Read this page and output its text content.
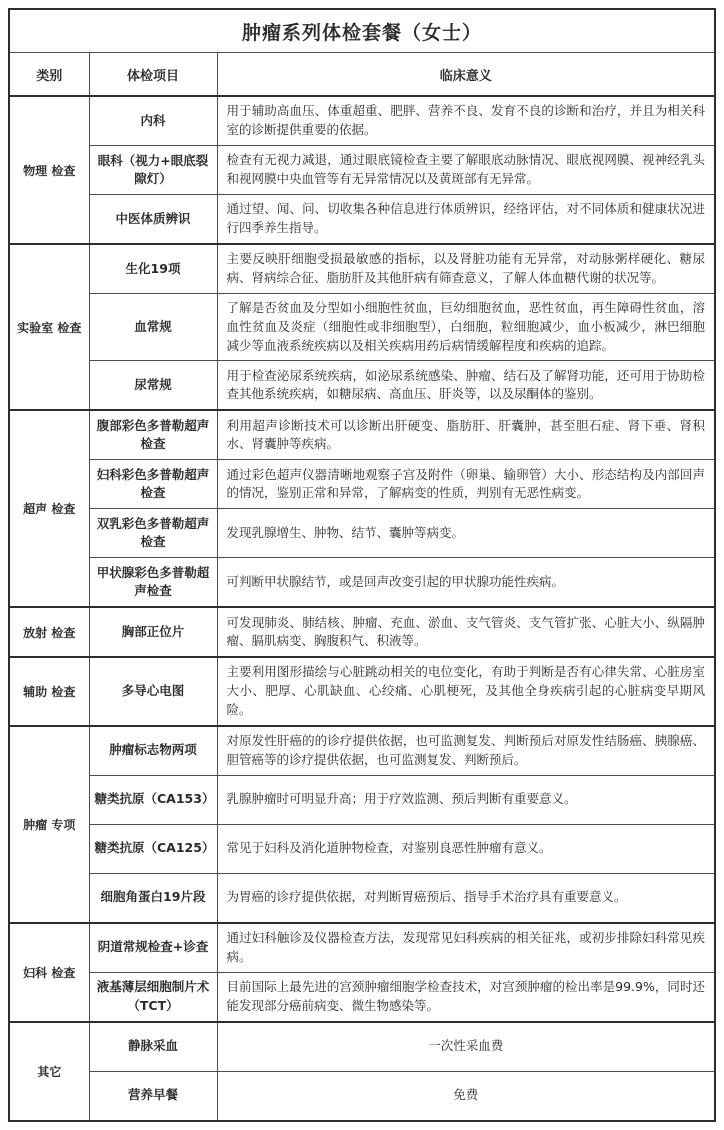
肿瘤系列体检套餐（女士）		
类别	体检项目	临床意义
物理 检查	内科	用于辅助高血压、体重超重、肥胖、营养不良、发育不良的诊断和治疗，并且为相关科室的诊断提供重要的依据。
	眼科（视力+眼底裂隙灯）	检查有无视力减退，通过眼底镜检查主要了解眼底动脉情况、眼底视网膜、视神经乳头和视网膜中央血管等有无异常情况以及黄斑部有无异常。
	中医体质辨识	通过望、闻、问、切收集各种信息进行体质辨识，经络评估，对不同体质和健康状况进行四季养生指导。
实验室 检查	生化19项	主要反映肝细胞受损最敏感的指标，以及肾脏功能有无异常，对动脉粥样硬化、糖尿病、肾病综合征、脂肪肝及其他肝病有筛查意义，了解人体血糖代谢的状况等。
	血常规	了解是否贫血及分型如小细胞性贫血，巨幼细胞贫血，恶性贫血，再生障碍性贫血，溶血性贫血及炎症（细胞性或非细胞型），白细胞，粒细胞减少，血小板减少，淋巴细胞减少等血液系统疾病以及相关疾病用药后病情缓解程度和疾病的追踪。
	尿常规	用于检查泌尿系统疾病，如泌尿系统感染、肿瘤、结石及了解肾功能，还可用于协助检查其他系统疾病，如糖尿病、高血压、肝炎等，以及尿酮体的鉴别。
超声 检查	腹部彩色多普勒超声检查	利用超声诊断技术可以诊断出肝硬变、脂肪肝、肝囊肿，甚至胆石症、肾下垂、肾积水、肾囊肿等疾病。
	妇科彩色多普勒超声检查	通过彩色超声仪器清晰地观察子宫及附件（卵巢、输卵管）大小、形态结构及内部回声的情况，鉴别正常和异常，了解病变的性质，判别有无恶性病变。
	双乳彩色多普勒超声检查	发现乳腺增生、肿物、结节、囊肿等病变。
	甲状腺彩色多普勒超声检查	可判断甲状腺结节，或是回声改变引起的甲状腺功能性疾病。
放射 检查	胸部正位片	可发现肺炎、肺结核、肿瘤、充血、淤血、支气管炎、支气管扩张、心脏大小、纵隔肿瘤、膈肌病变、胸腹积气、积液等。
辅助 检查	多导心电图	主要利用图形描绘与心脏跳动相关的电位变化，有助于判断是否有心律失常、心脏房室大小、肥厚、心肌缺血、心绞痛、心肌梗死，及其他全身疾病引起的心脏病变早期风险。
肿瘤 专项	肿瘤标志物两项	对原发性肝癌的的诊疗提供依据，也可监测复发、判断预后对原发性结肠癌、胰腺癌、胆管癌等的诊疗提供依据，也可监测复发、判断预后。
	糖类抗原（CA153）	乳腺肿瘤时可明显升高；用于疗效监测、预后判断有重要意义。
	糖类抗原（CA125）	常见于妇科及消化道肿物检查，对鉴别良恶性肿瘤有意义。
	细胞角蛋白19片段	为胃癌的诊疗提供依据，对判断胃癌预后、指导手术治疗具有重要意义。
妇科 检查	阴道常规检查+诊查	通过妇科触诊及仪器检查方法，发现常见妇科疾病的相关征兆，或初步排除妇科常见疾病。
	液基薄层细胞制片术（TCT）	目前国际上最先进的宫颈肿瘤细胞学检查技术，对宫颈肿瘤的检出率是99.9%，同时还能发现部分癌前病变、微生物感染等。
其它	静脉采血	一次性采血费
	营养早餐	免费
